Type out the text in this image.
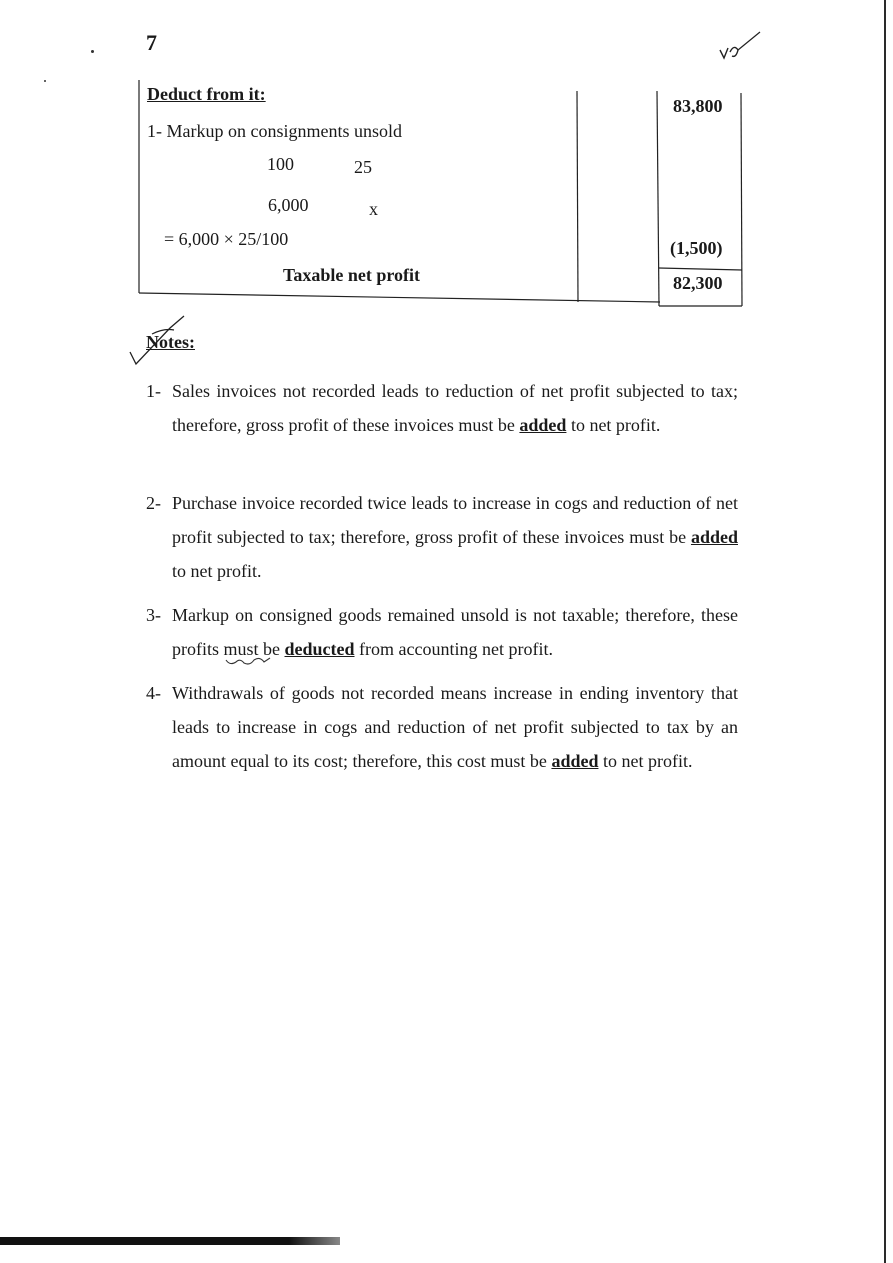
7
Deduct from it:
1- Markup on consignments unsold
100	25
6,000	x
= 6,000 × 25/100
Taxable net profit
83,800
(1,500)
82,300
Notes:
1- Sales invoices not recorded leads to reduction of net profit subjected to tax; therefore, gross profit of these invoices must be added to net profit.
2- Purchase invoice recorded twice leads to increase in cogs and reduction of net profit subjected to tax; therefore, gross profit of these invoices must be added to net profit.
3- Markup on consigned goods remained unsold is not taxable; therefore, these profits must be deducted from accounting net profit.
4- Withdrawals of goods not recorded means increase in ending inventory that leads to increase in cogs and reduction of net profit subjected to tax by an amount equal to its cost; therefore, this cost must be added to net profit.
